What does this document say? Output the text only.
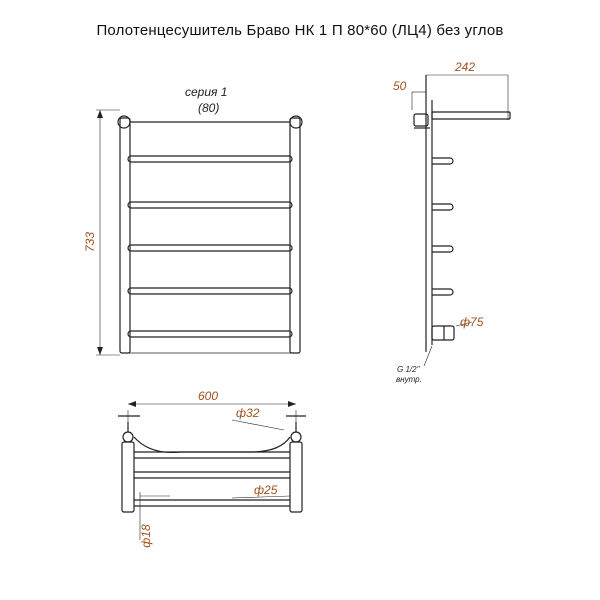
Полотенцесушитель Браво НК 1 П 80*60 (ЛЦ4) без углов
серия 1
(80)
733
50
242
ф75
G 1/2"
внутр.
600
ф32
ф25
ф18
